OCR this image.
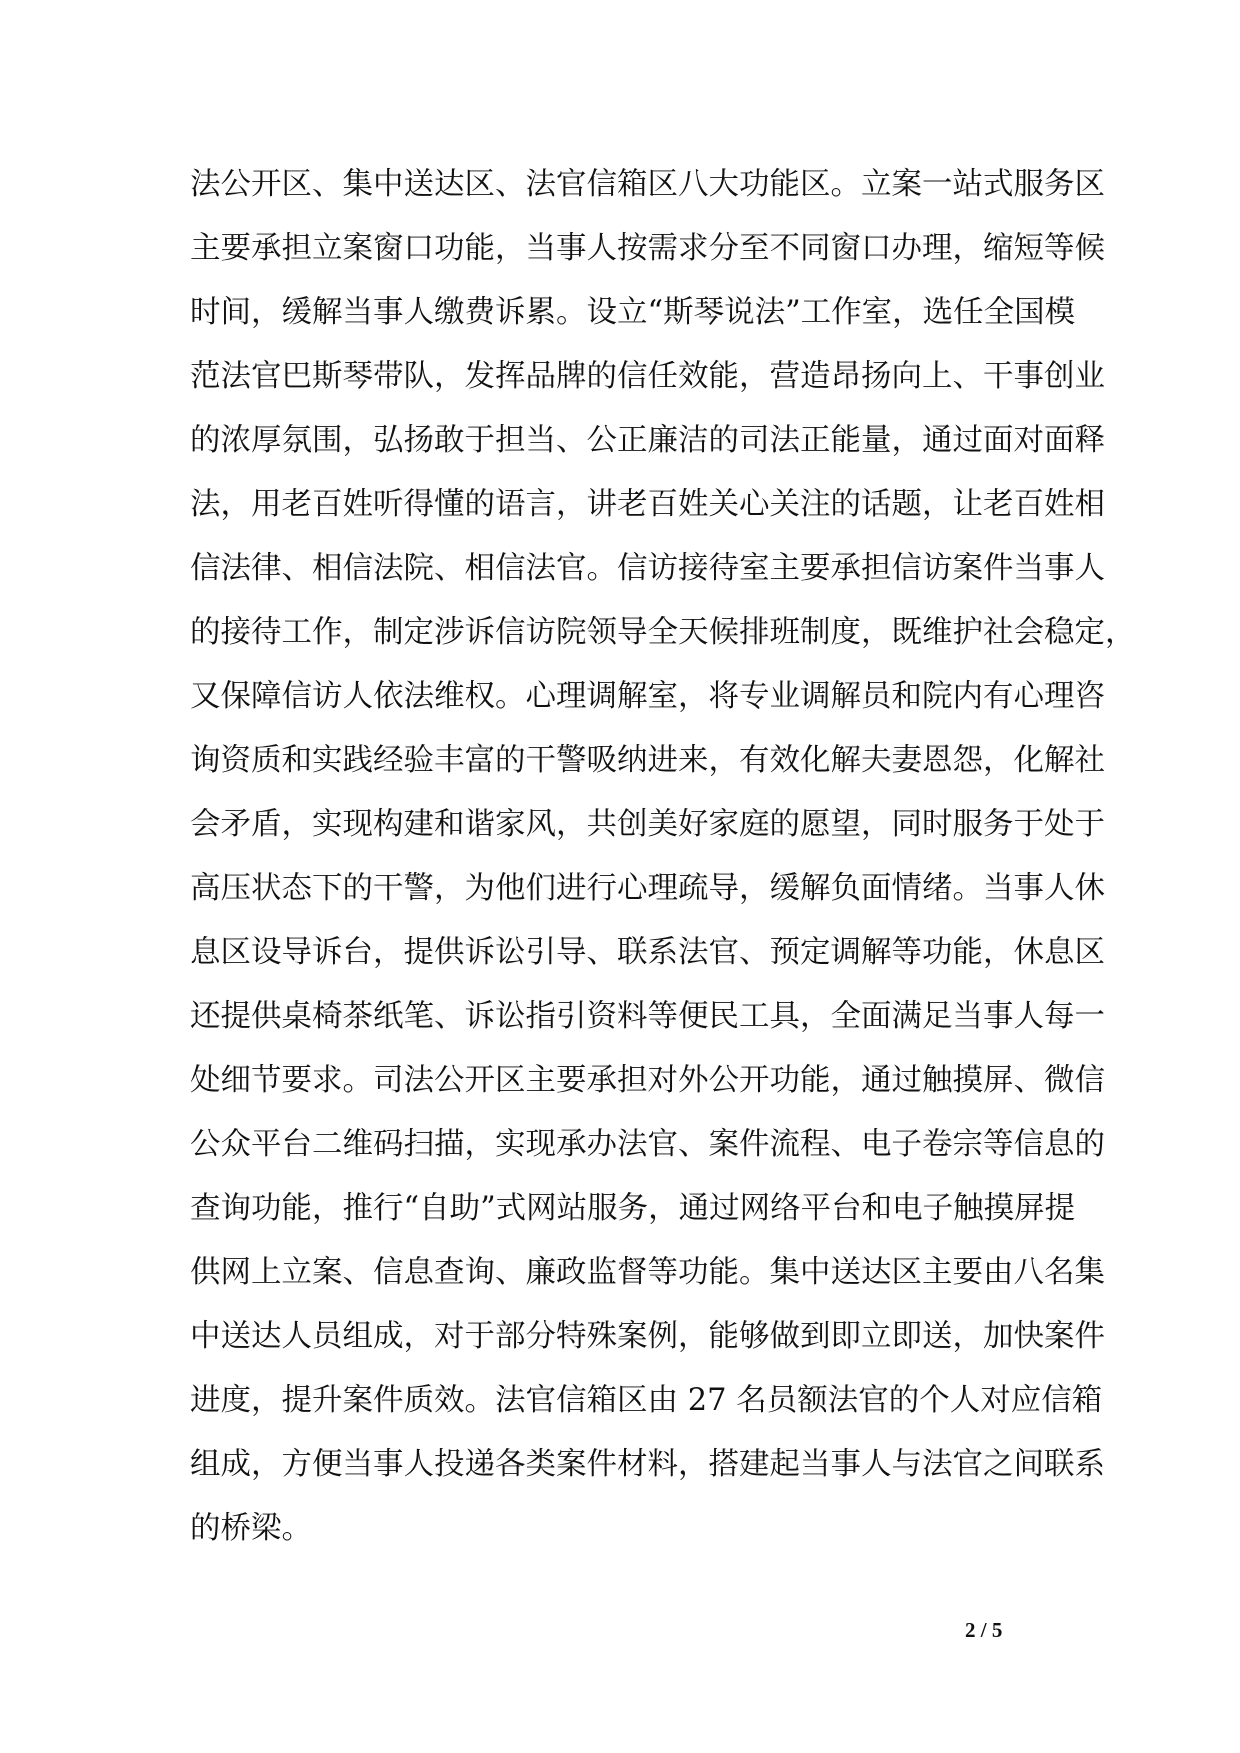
法公开区、集中送达区、法官信箱区八大功能区。立案一站式服务区
主要承担立案窗口功能，当事人按需求分至不同窗口办理，缩短等候
时间，缓解当事人缴费诉累。设立“斯琴说法”工作室，选任全国模
范法官巴斯琴带队，发挥品牌的信任效能，营造昂扬向上、干事创业
的浓厚氛围，弘扬敢于担当、公正廉洁的司法正能量，通过面对面释
法，用老百姓听得懂的语言，讲老百姓关心关注的话题，让老百姓相
信法律、相信法院、相信法官。信访接待室主要承担信访案件当事人
的接待工作，制定涉诉信访院领导全天候排班制度，既维护社会稳定，
又保障信访人依法维权。心理调解室，将专业调解员和院内有心理咨
询资质和实践经验丰富的干警吸纳进来，有效化解夫妻恩怨，化解社
会矛盾，实现构建和谐家风，共创美好家庭的愿望，同时服务于处于
高压状态下的干警，为他们进行心理疏导，缓解负面情绪。当事人休
息区设导诉台，提供诉讼引导、联系法官、预定调解等功能，休息区
还提供桌椅茶纸笔、诉讼指引资料等便民工具，全面满足当事人每一
处细节要求。司法公开区主要承担对外公开功能，通过触摸屏、微信
公众平台二维码扫描，实现承办法官、案件流程、电子卷宗等信息的
查询功能，推行“自助”式网站服务，通过网络平台和电子触摸屏提
供网上立案、信息查询、廉政监督等功能。集中送达区主要由八名集
中送达人员组成，对于部分特殊案例，能够做到即立即送，加快案件
进度，提升案件质效。法官信箱区由 27 名员额法官的个人对应信箱
组成，方便当事人投递各类案件材料，搭建起当事人与法官之间联系
的桥梁。
2 / 5
